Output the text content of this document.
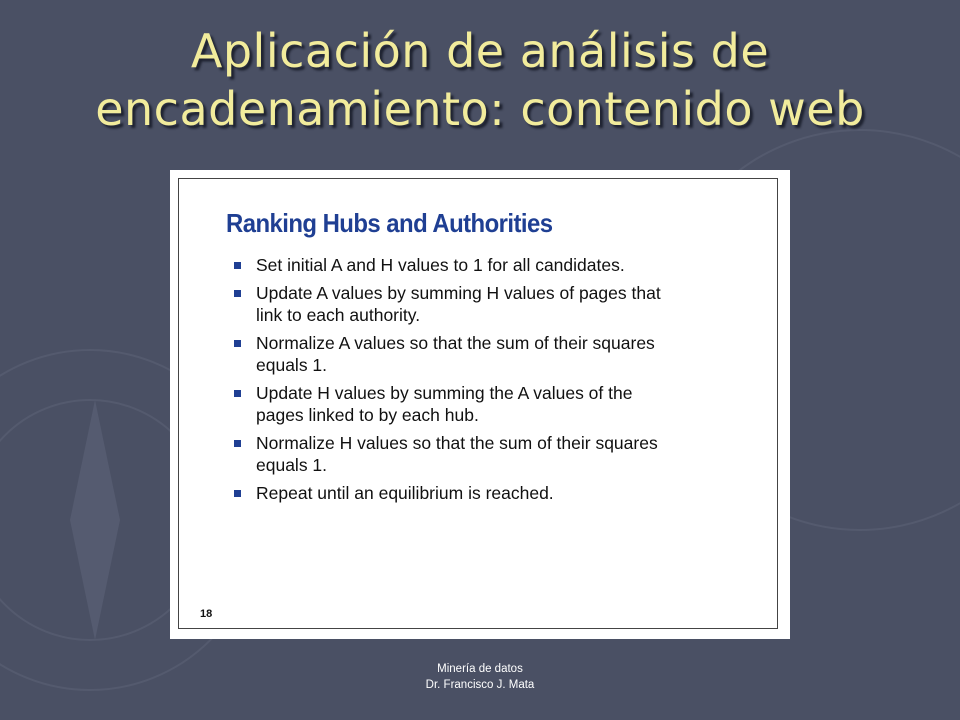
Aplicación de análisis de
encadenamiento: contenido web
Ranking Hubs and Authorities
Set initial A and H values to 1 for all candidates.
Update A values by summing H values of pages that
link to each authority.
Normalize A values so that the sum of their squares
equals 1.
Update H values by summing the A values of the
pages linked to by each hub.
Normalize H values so that the sum of their squares
equals 1.
Repeat until an equilibrium is reached.
18
Minería de datos
Dr. Francisco J. Mata
